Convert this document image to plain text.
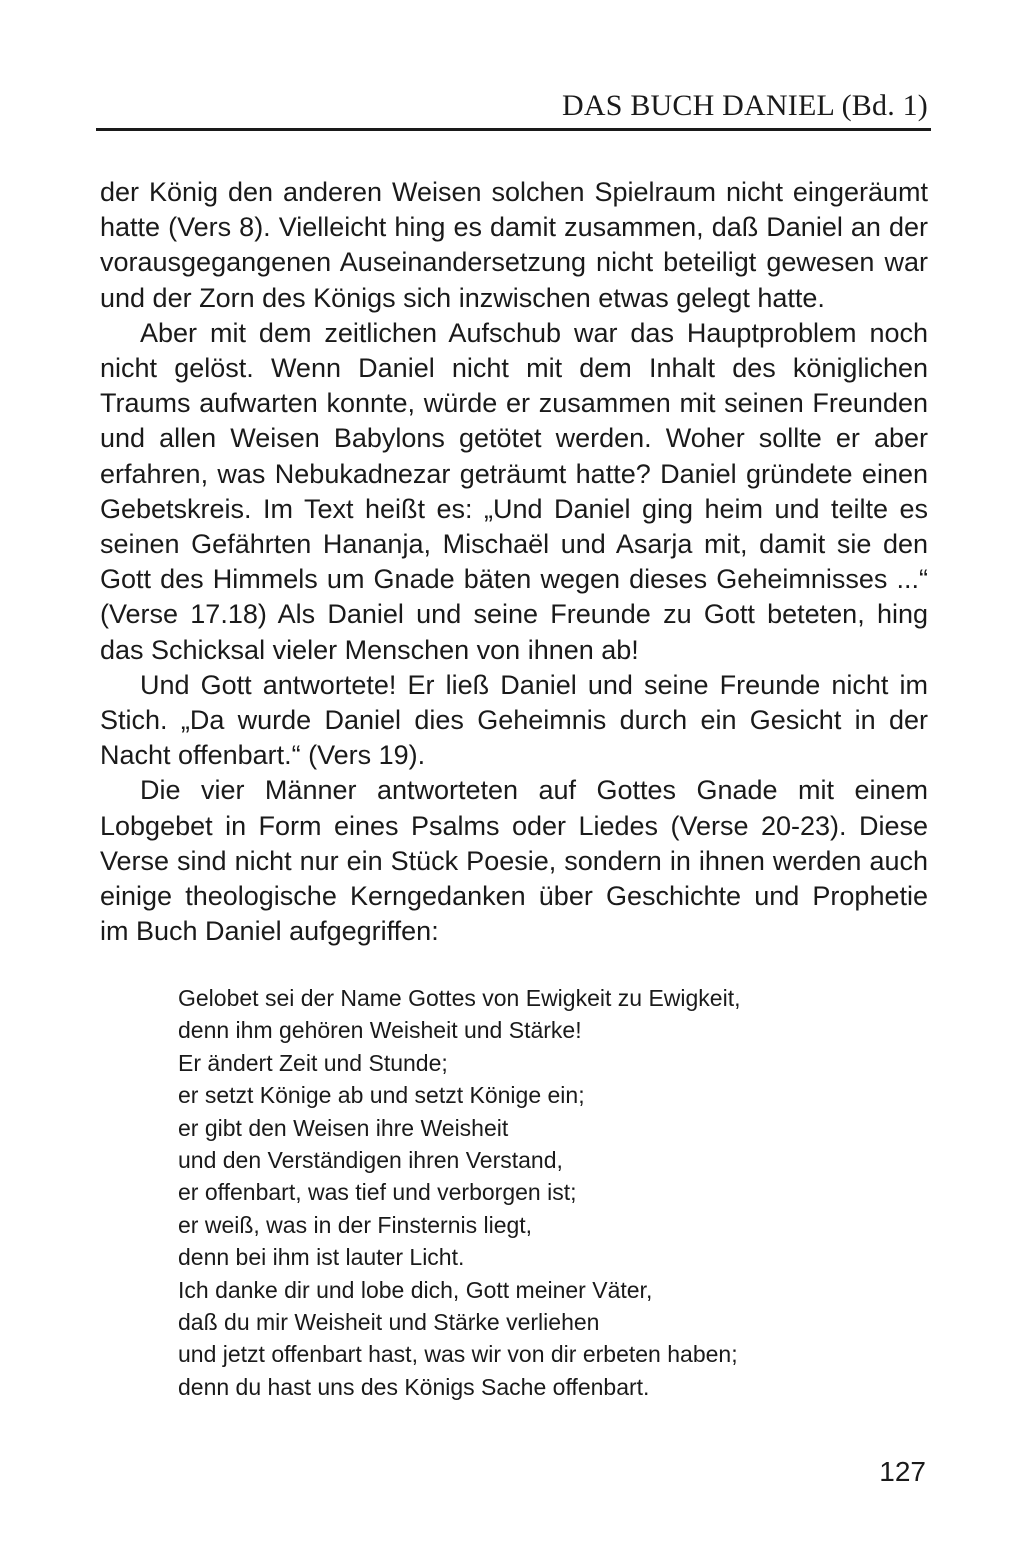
DAS BUCH DANIEL (Bd. 1)

der König den anderen Weisen solchen Spielraum nicht eingeräumt hatte (Vers 8). Vielleicht hing es damit zusammen, daß Daniel an der vorausgegangenen Auseinandersetzung nicht beteiligt gewesen war und der Zorn des Königs sich inzwischen etwas gelegt hatte.

Aber mit dem zeitlichen Aufschub war das Hauptproblem noch nicht gelöst. Wenn Daniel nicht mit dem Inhalt des königlichen Traums aufwarten konnte, würde er zusammen mit seinen Freunden und allen Weisen Babylons getötet werden. Woher sollte er aber erfahren, was Nebukadnezar geträumt hatte? Daniel gründete einen Gebetskreis. Im Text heißt es: „Und Daniel ging heim und teilte es seinen Gefährten Hananja, Mischaël und Asarja mit, damit sie den Gott des Himmels um Gnade bäten wegen dieses Geheimnisses ...“ (Verse 17.18) Als Daniel und seine Freunde zu Gott beteten, hing das Schicksal vieler Menschen von ihnen ab!

Und Gott antwortete! Er ließ Daniel und seine Freunde nicht im Stich. „Da wurde Daniel dies Geheimnis durch ein Gesicht in der Nacht offenbart.“ (Vers 19).

Die vier Männer antworteten auf Gottes Gnade mit einem Lobgebet in Form eines Psalms oder Liedes (Verse 20-23). Diese Verse sind nicht nur ein Stück Poesie, sondern in ihnen werden auch einige theologische Kerngedanken über Geschichte und Prophetie im Buch Daniel aufgegriffen:

Gelobet sei der Name Gottes von Ewigkeit zu Ewigkeit,
denn ihm gehören Weisheit und Stärke!
Er ändert Zeit und Stunde;
er setzt Könige ab und setzt Könige ein;
er gibt den Weisen ihre Weisheit
und den Verständigen ihren Verstand,
er offenbart, was tief und verborgen ist;
er weiß, was in der Finsternis liegt,
denn bei ihm ist lauter Licht.
Ich danke dir und lobe dich, Gott meiner Väter,
daß du mir Weisheit und Stärke verliehen
und jetzt offenbart hast, was wir von dir erbeten haben;
denn du hast uns des Königs Sache offenbart.
127
